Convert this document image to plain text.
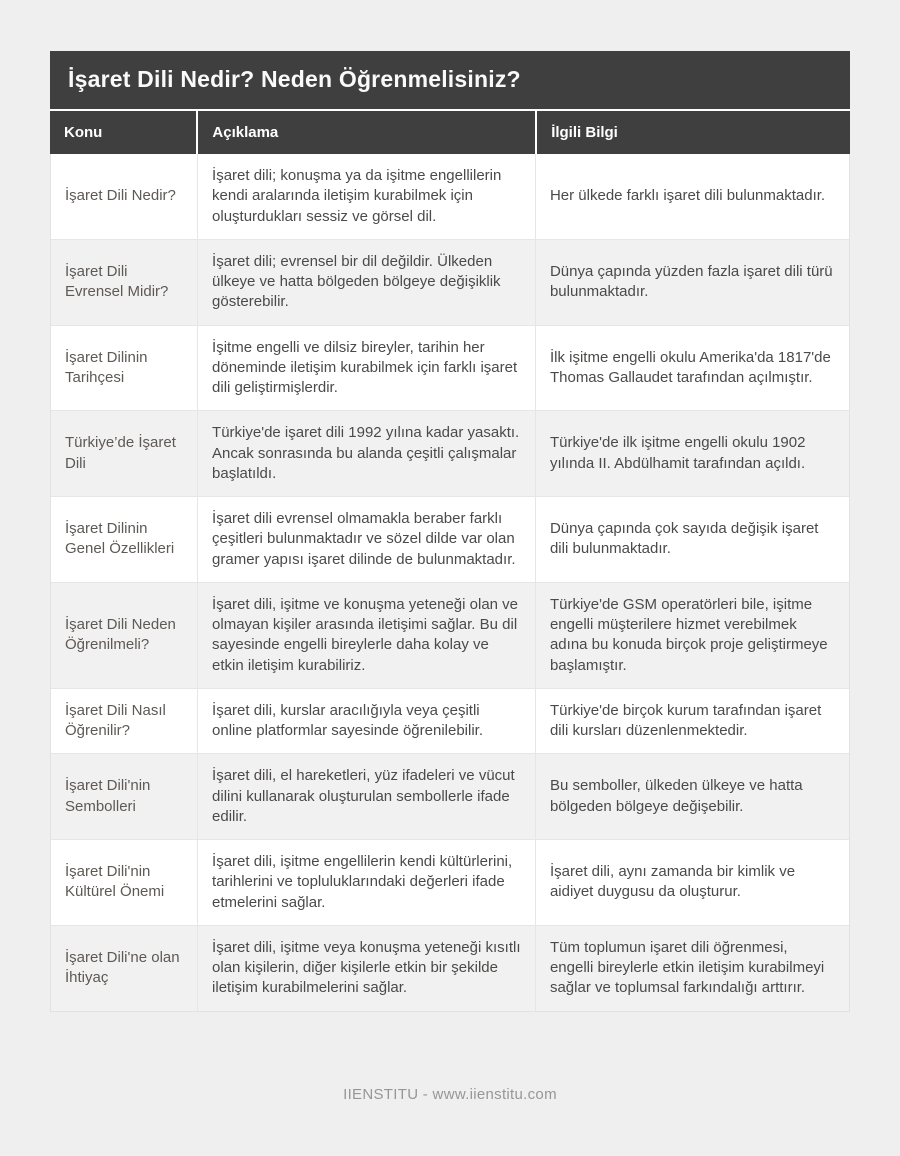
İşaret Dili Nedir? Neden Öğrenmelisiniz?
Konu	Açıklama	İlgili Bilgi
İşaret Dili Nedir?
İşaret dili; konuşma ya da işitme engellilerin kendi aralarında iletişim kurabilmek için oluşturdukları sessiz ve görsel dil.
Her ülkede farklı işaret dili bulunmaktadır.
İşaret Dili Evrensel Midir?
İşaret dili; evrensel bir dil değildir. Ülkeden ülkeye ve hatta bölgeden bölgeye değişiklik gösterebilir.
Dünya çapında yüzden fazla işaret dili türü bulunmaktadır.
İşaret Dilinin Tarihçesi
İşitme engelli ve dilsiz bireyler, tarihin her döneminde iletişim kurabilmek için farklı işaret dili geliştirmişlerdir.
İlk işitme engelli okulu Amerika'da 1817'de Thomas Gallaudet tarafından açılmıştır.
Türkiye’de İşaret Dili
Türkiye'de işaret dili 1992 yılına kadar yasaktı. Ancak sonrasında bu alanda çeşitli çalışmalar başlatıldı.
Türkiye'de ilk işitme engelli okulu 1902 yılında II. Abdülhamit tarafından açıldı.
İşaret Dilinin Genel Özellikleri
İşaret dili evrensel olmamakla beraber farklı çeşitleri bulunmaktadır ve sözel dilde var olan gramer yapısı işaret dilinde de bulunmaktadır.
Dünya çapında çok sayıda değişik işaret dili bulunmaktadır.
İşaret Dili Neden Öğrenilmeli?
İşaret dili, işitme ve konuşma yeteneği olan ve olmayan kişiler arasında iletişimi sağlar. Bu dil sayesinde engelli bireylerle daha kolay ve etkin iletişim kurabiliriz.
Türkiye'de GSM operatörleri bile, işitme engelli müşterilere hizmet verebilmek adına bu konuda birçok proje geliştirmeye başlamıştır.
İşaret Dili Nasıl Öğrenilir?
İşaret dili, kurslar aracılığıyla veya çeşitli online platformlar sayesinde öğrenilebilir.
Türkiye'de birçok kurum tarafından işaret dili kursları düzenlenmektedir.
İşaret Dili'nin Sembolleri
İşaret dili, el hareketleri, yüz ifadeleri ve vücut dilini kullanarak oluşturulan sembollerle ifade edilir.
Bu semboller, ülkeden ülkeye ve hatta bölgeden bölgeye değişebilir.
İşaret Dili'nin Kültürel Önemi
İşaret dili, işitme engellilerin kendi kültürlerini, tarihlerini ve topluluklarındaki değerleri ifade etmelerini sağlar.
İşaret dili, aynı zamanda bir kimlik ve aidiyet duygusu da oluşturur.
İşaret Dili'ne olan İhtiyaç
İşaret dili, işitme veya konuşma yeteneği kısıtlı olan kişilerin, diğer kişilerle etkin bir şekilde iletişim kurabilmelerini sağlar.
Tüm toplumun işaret dili öğrenmesi, engelli bireylerle etkin iletişim kurabilmeyi sağlar ve toplumsal farkındalığı arttırır.
IIENSTITU - www.iienstitu.com
